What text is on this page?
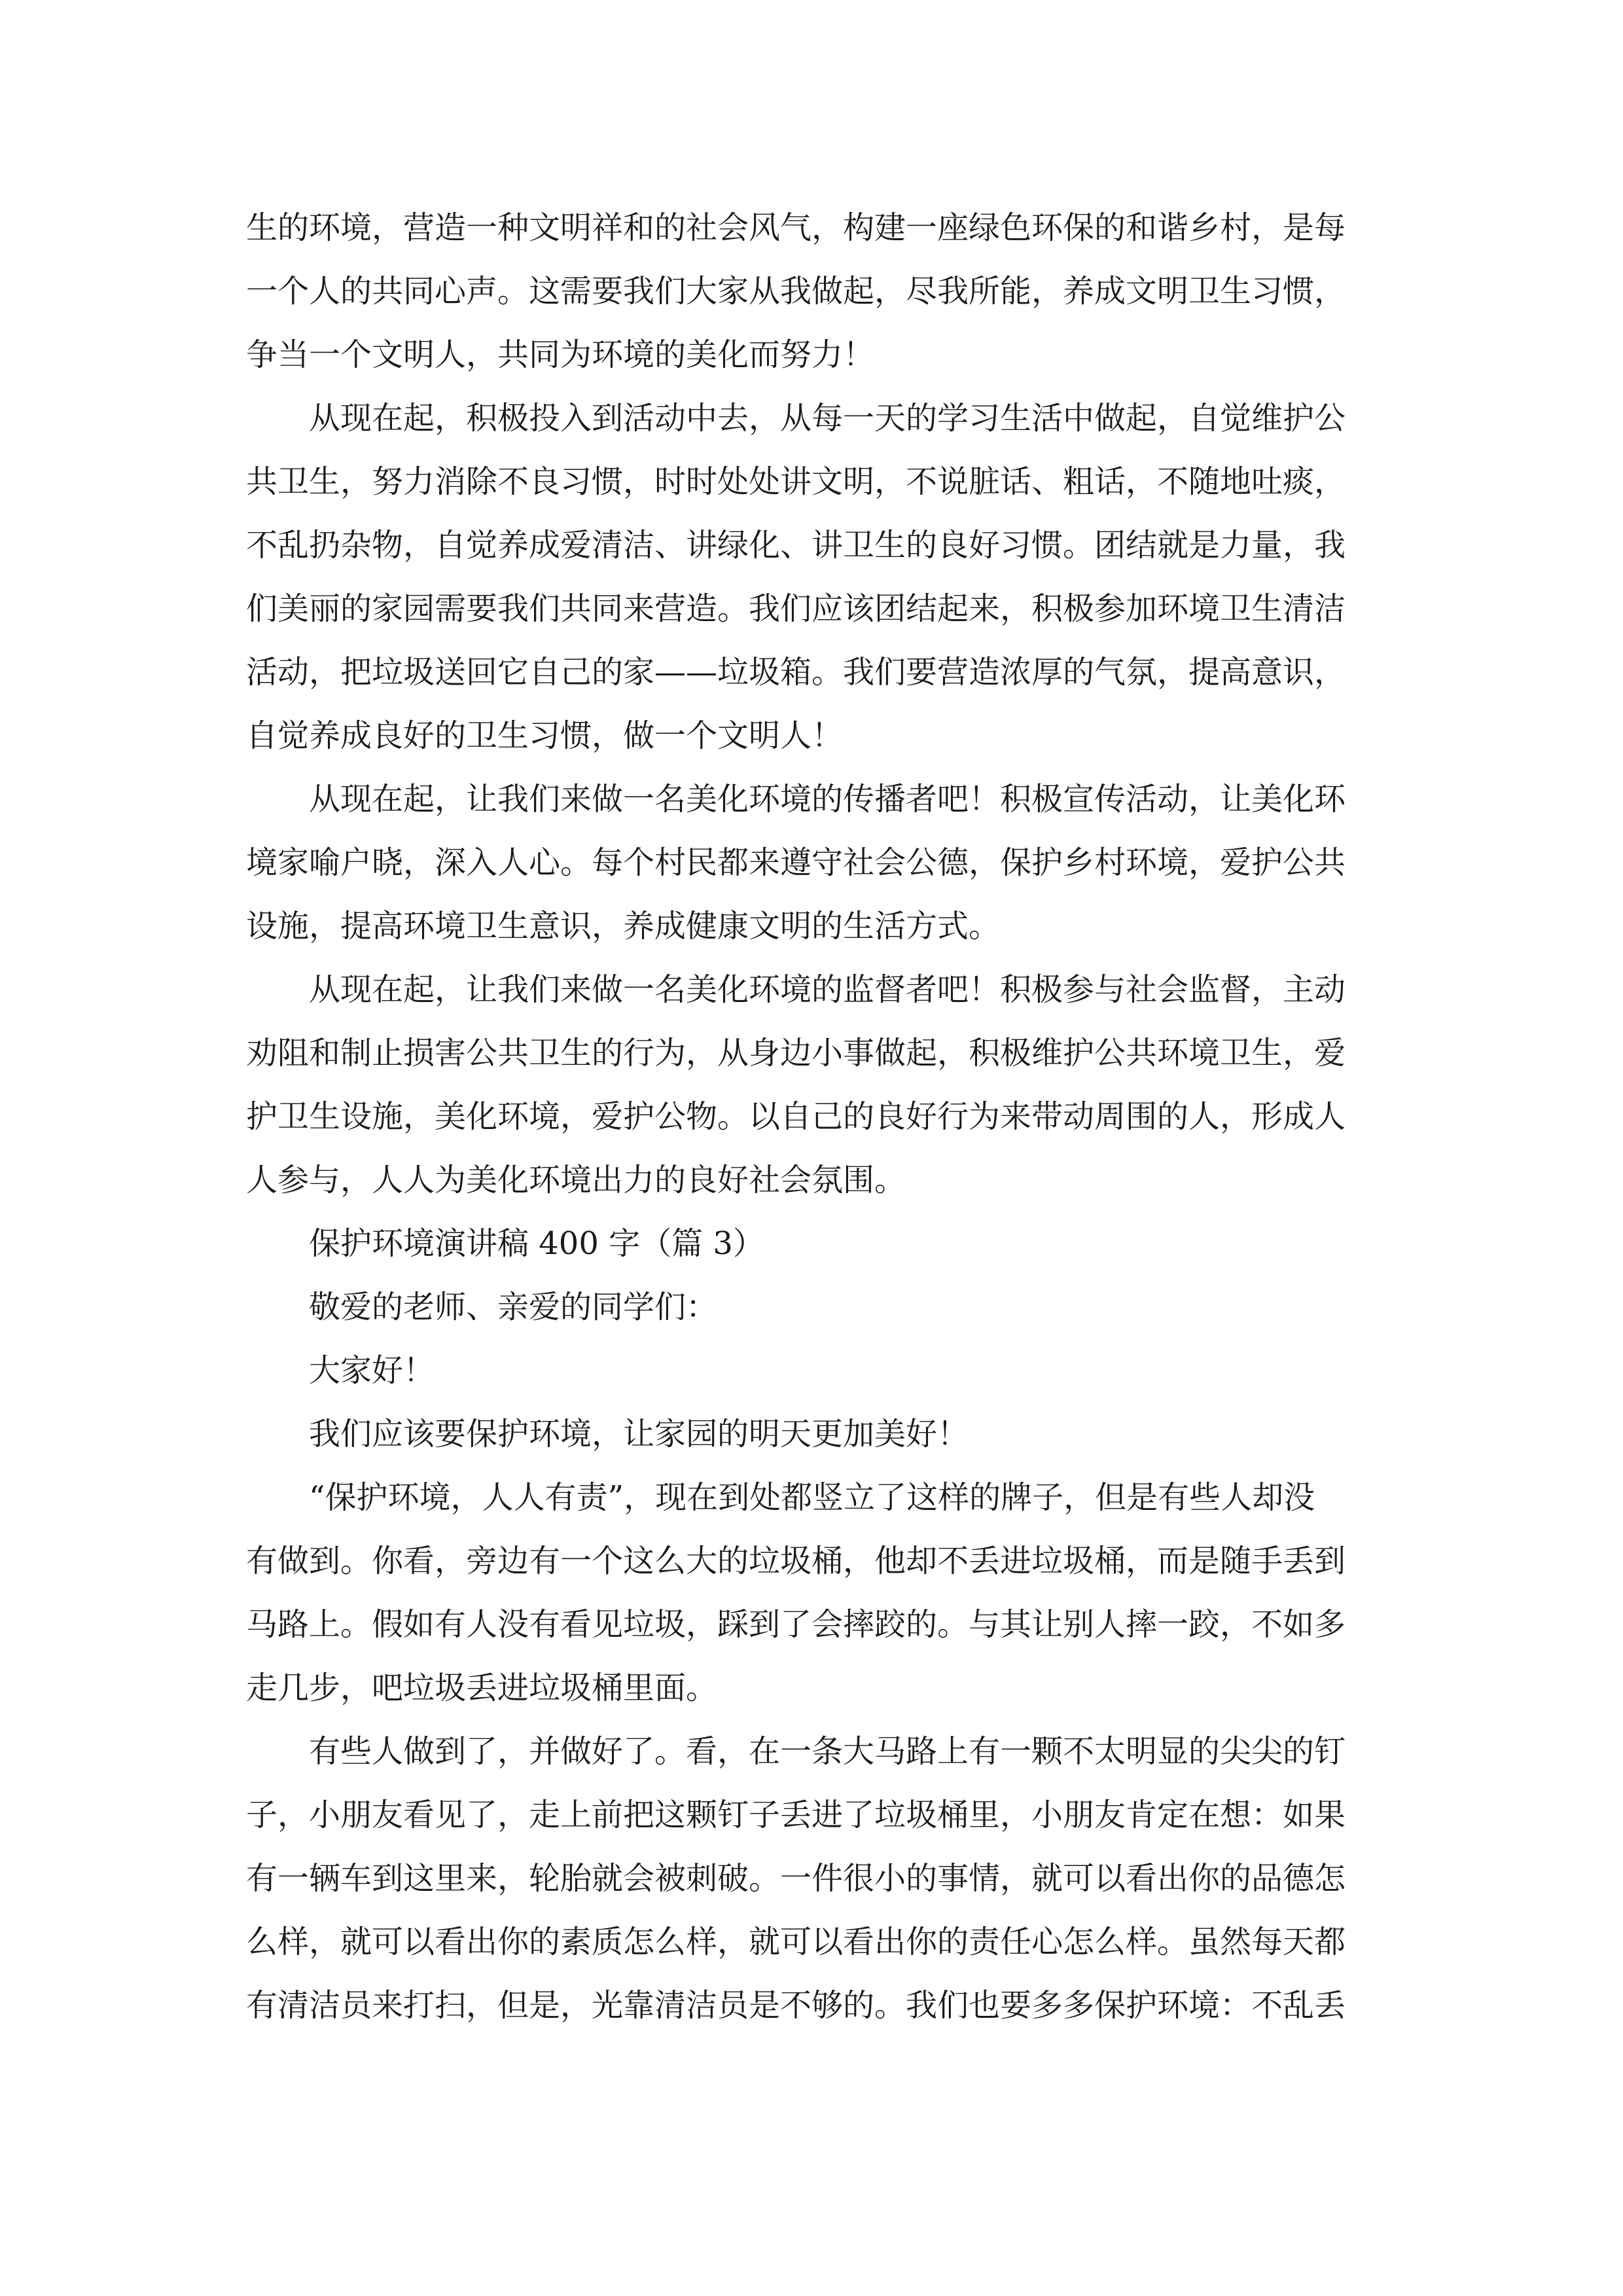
生的环境，营造一种文明祥和的社会风气，构建一座绿色环保的和谐乡村，是每
一个人的共同心声。这需要我们大家从我做起，尽我所能，养成文明卫生习惯，
争当一个文明人，共同为环境的美化而努力！
从现在起，积极投入到活动中去，从每一天的学习生活中做起，自觉维护公
共卫生，努力消除不良习惯，时时处处讲文明，不说脏话、粗话，不随地吐痰，
不乱扔杂物，自觉养成爱清洁、讲绿化、讲卫生的良好习惯。团结就是力量，我
们美丽的家园需要我们共同来营造。我们应该团结起来，积极参加环境卫生清洁
活动，把垃圾送回它自己的家——垃圾箱。我们要营造浓厚的气氛，提高意识，
自觉养成良好的卫生习惯，做一个文明人！
从现在起，让我们来做一名美化环境的传播者吧！积极宣传活动，让美化环
境家喻户晓，深入人心。每个村民都来遵守社会公德，保护乡村环境，爱护公共
设施，提高环境卫生意识，养成健康文明的生活方式。
从现在起，让我们来做一名美化环境的监督者吧！积极参与社会监督，主动
劝阻和制止损害公共卫生的行为，从身边小事做起，积极维护公共环境卫生，爱
护卫生设施，美化环境，爱护公物。以自己的良好行为来带动周围的人，形成人
人参与，人人为美化环境出力的良好社会氛围。
保护环境演讲稿 400 字（篇 3）
敬爱的老师、亲爱的同学们：
大家好！
我们应该要保护环境，让家园的明天更加美好！
“保护环境，人人有责”，现在到处都竖立了这样的牌子，但是有些人却没
有做到。你看，旁边有一个这么大的垃圾桶，他却不丢进垃圾桶，而是随手丢到
马路上。假如有人没有看见垃圾，踩到了会摔跤的。与其让别人摔一跤，不如多
走几步，吧垃圾丢进垃圾桶里面。
有些人做到了，并做好了。看，在一条大马路上有一颗不太明显的尖尖的钉
子，小朋友看见了，走上前把这颗钉子丢进了垃圾桶里，小朋友肯定在想：如果
有一辆车到这里来，轮胎就会被刺破。一件很小的事情，就可以看出你的品德怎
么样，就可以看出你的素质怎么样，就可以看出你的责任心怎么样。虽然每天都
有清洁员来打扫，但是，光靠清洁员是不够的。我们也要多多保护环境：不乱丢
